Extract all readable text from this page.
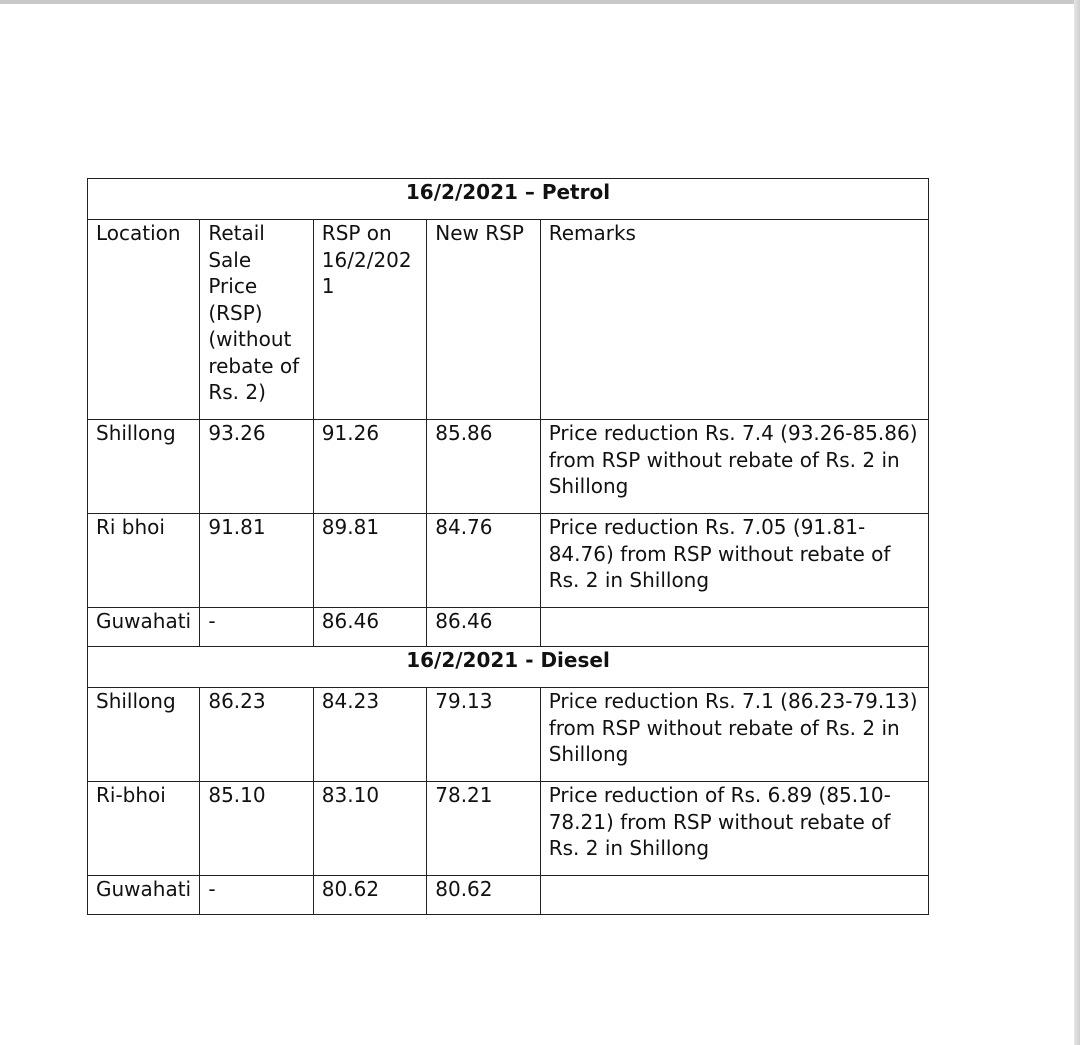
16/2/2021 – Petrol				
Location	Retail Sale Price (RSP) (without rebate of Rs. 2)	RSP on 16/2/2021	New RSP	Remarks
Shillong	93.26	91.26	85.86	Price reduction Rs. 7.4 (93.26-85.86) from RSP without rebate of Rs. 2 in Shillong
Ri bhoi	91.81	89.81	84.76	Price reduction Rs. 7.05 (91.81-84.76) from RSP without rebate of Rs. 2 in Shillong
Guwahati	-	86.46	86.46	
16/2/2021 - Diesel				
Shillong	86.23	84.23	79.13	Price reduction Rs. 7.1 (86.23-79.13) from RSP without rebate of Rs. 2 in Shillong
Ri-bhoi	85.10	83.10	78.21	Price reduction of Rs. 6.89 (85.10-78.21) from RSP without rebate of Rs. 2 in Shillong
Guwahati	-	80.62	80.62	
